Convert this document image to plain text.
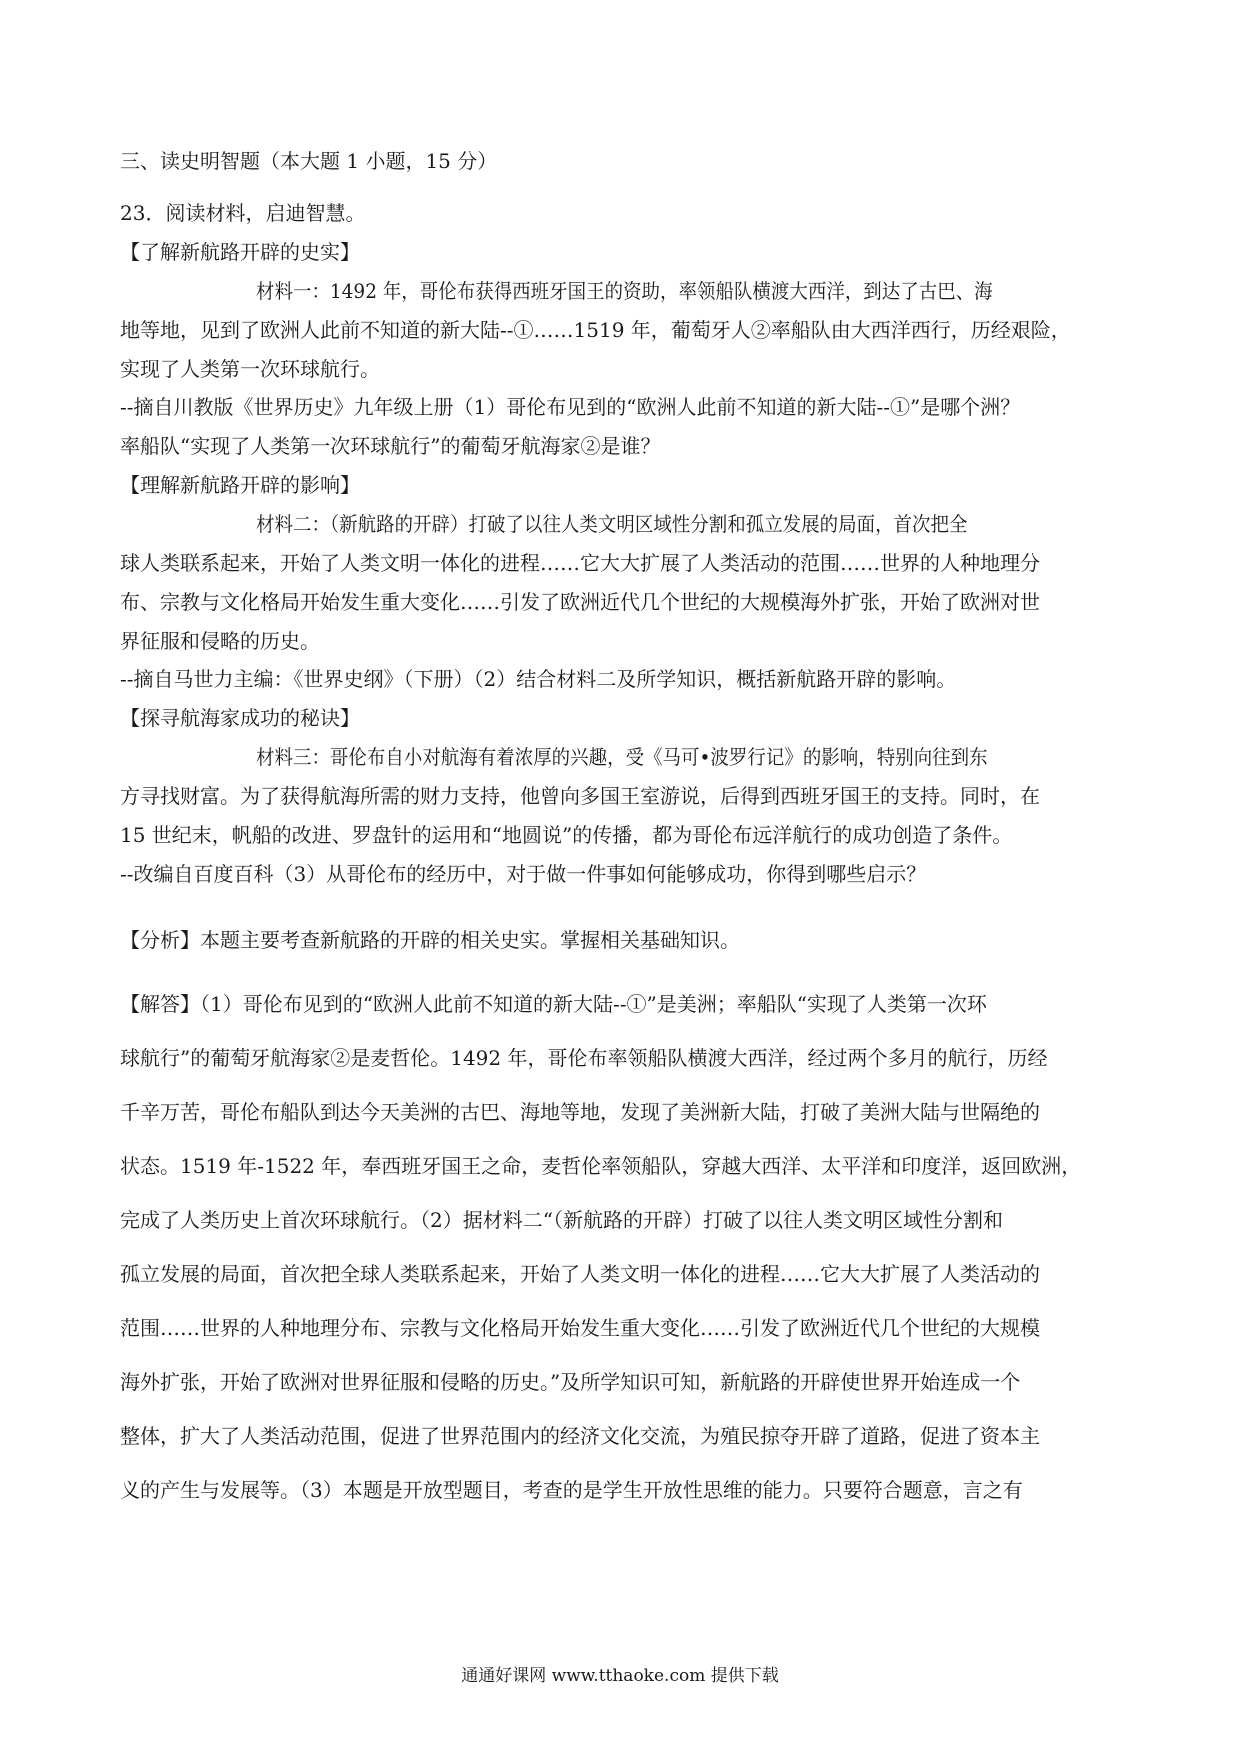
三、读史明智题（本大题 1 小题，15 分）
23．阅读材料，启迪智慧。
【了解新航路开辟的史实】
材料一：1492 年，哥伦布获得西班牙国王的资助，率领船队横渡大西洋，到达了古巴、海
地等地，见到了欧洲人此前不知道的新大陆--①……1519 年，葡萄牙人②率船队由大西洋西行，历经艰险，
实现了人类第一次环球航行。
--摘自川教版《世界历史》九年级上册（1）哥伦布见到的“欧洲人此前不知道的新大陆--①”是哪个洲？
率船队“实现了人类第一次环球航行”的葡萄牙航海家②是谁？
【理解新航路开辟的影响】
材料二：（新航路的开辟）打破了以往人类文明区域性分割和孤立发展的局面，首次把全
球人类联系起来，开始了人类文明一体化的进程……它大大扩展了人类活动的范围……世界的人种地理分
布、宗教与文化格局开始发生重大变化……引发了欧洲近代几个世纪的大规模海外扩张，开始了欧洲对世
界征服和侵略的历史。
--摘自马世力主编：《世界史纲》（下册）（2）结合材料二及所学知识，概括新航路开辟的影响。
【探寻航海家成功的秘诀】
材料三：哥伦布自小对航海有着浓厚的兴趣，受《马可•波罗行记》的影响，特别向往到东
方寻找财富。为了获得航海所需的财力支持，他曾向多国王室游说，后得到西班牙国王的支持。同时，在
15 世纪末，帆船的改进、罗盘针的运用和“地圆说”的传播，都为哥伦布远洋航行的成功创造了条件。
--改编自百度百科（3）从哥伦布的经历中，对于做一件事如何能够成功，你得到哪些启示？
【分析】本题主要考查新航路的开辟的相关史实。掌握相关基础知识。
【解答】（1）哥伦布见到的“欧洲人此前不知道的新大陆--①”是美洲；率船队“实现了人类第一次环
球航行”的葡萄牙航海家②是麦哲伦。1492 年，哥伦布率领船队横渡大西洋，经过两个多月的航行，历经
千辛万苦，哥伦布船队到达今天美洲的古巴、海地等地，发现了美洲新大陆，打破了美洲大陆与世隔绝的
状态。1519 年-1522 年，奉西班牙国王之命，麦哲伦率领船队，穿越大西洋、太平洋和印度洋，返回欧洲，
完成了人类历史上首次环球航行。（2）据材料二“（新航路的开辟）打破了以往人类文明区域性分割和
孤立发展的局面，首次把全球人类联系起来，开始了人类文明一体化的进程……它大大扩展了人类活动的
范围……世界的人种地理分布、宗教与文化格局开始发生重大变化……引发了欧洲近代几个世纪的大规模
海外扩张，开始了欧洲对世界征服和侵略的历史。”及所学知识可知，新航路的开辟使世界开始连成一个
整体，扩大了人类活动范围，促进了世界范围内的经济文化交流，为殖民掠夺开辟了道路，促进了资本主
义的产生与发展等。（3）本题是开放型题目，考查的是学生开放性思维的能力。只要符合题意，言之有
通通好课网 www.tthaoke.com 提供下载
